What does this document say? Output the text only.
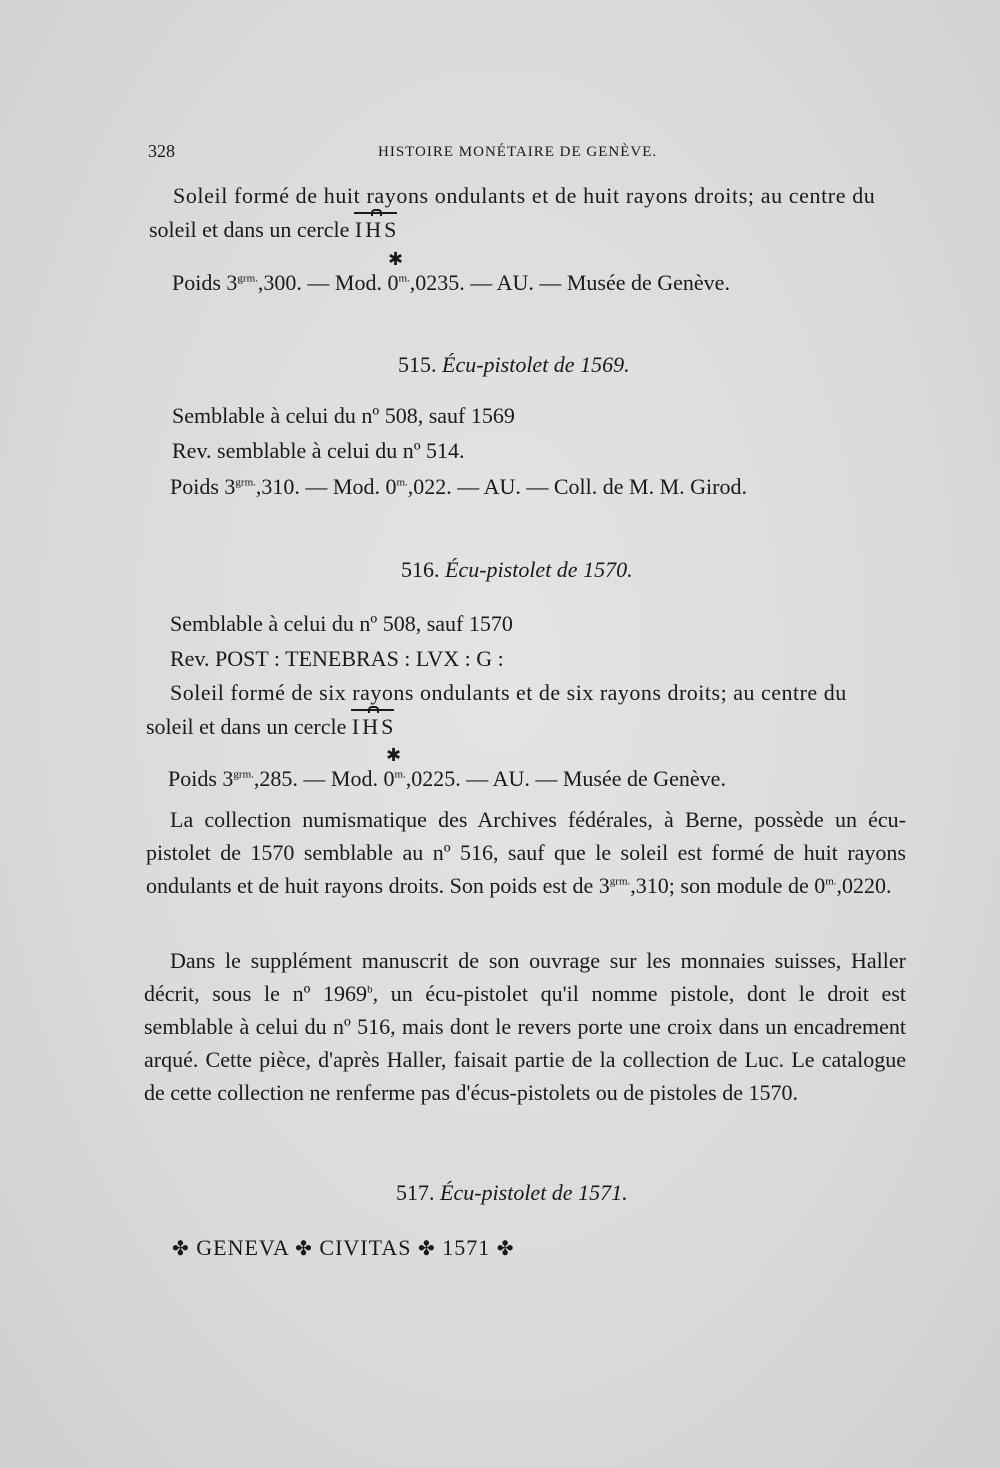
328	HISTOIRE MONÉTAIRE DE GENÈVE.
Soleil formé de huit rayons ondulants et de huit rayons droits; au centre du
soleil et dans un cercle IHS
✱
Poids $3^{grm.},300$. — Mod. $0^{m.},0235$. — AU. — Musée de Genève.
515. Écu-pistolet de 1569.
Semblable à celui du nº 508, sauf 1569
Rev. semblable à celui du nº 514.
Poids $3^{grm.},310$. — Mod. $0^{m.},022$. — AU. — Coll. de M. M. Girod.
516. Écu-pistolet de 1570.
Semblable à celui du nº 508, sauf 1570
Rev. POST : TENEBRAS : LVX : G :
Soleil formé de six rayons ondulants et de six rayons droits; au centre du
soleil et dans un cercle IHS
✱
Poids $3^{grm.},285$. — Mod. $0^{m.},0225$. — AU. — Musée de Genève.
La collection numismatique des Archives fédérales, à Berne, possède un écu-pistolet de 1570 semblable au nº 516, sauf que le soleil est formé de huit rayons ondulants et de huit rayons droits. Son poids est de $3^{grm.},310$; son module de $0^{m.},0220$.
Dans le supplément manuscrit de son ouvrage sur les monnaies suisses, Haller décrit, sous le nº 1969$^b$, un écu-pistolet qu'il nomme pistole, dont le droit est semblable à celui du nº 516, mais dont le revers porte une croix dans un encadrement arqué. Cette pièce, d'après Haller, faisait partie de la collection de Luc. Le catalogue de cette collection ne renferme pas d'écus-pistolets ou de pistoles de 1570.
517. Écu-pistolet de 1571.
✤ GENEVA ✤ CIVITAS ✤ 1571 ✤
